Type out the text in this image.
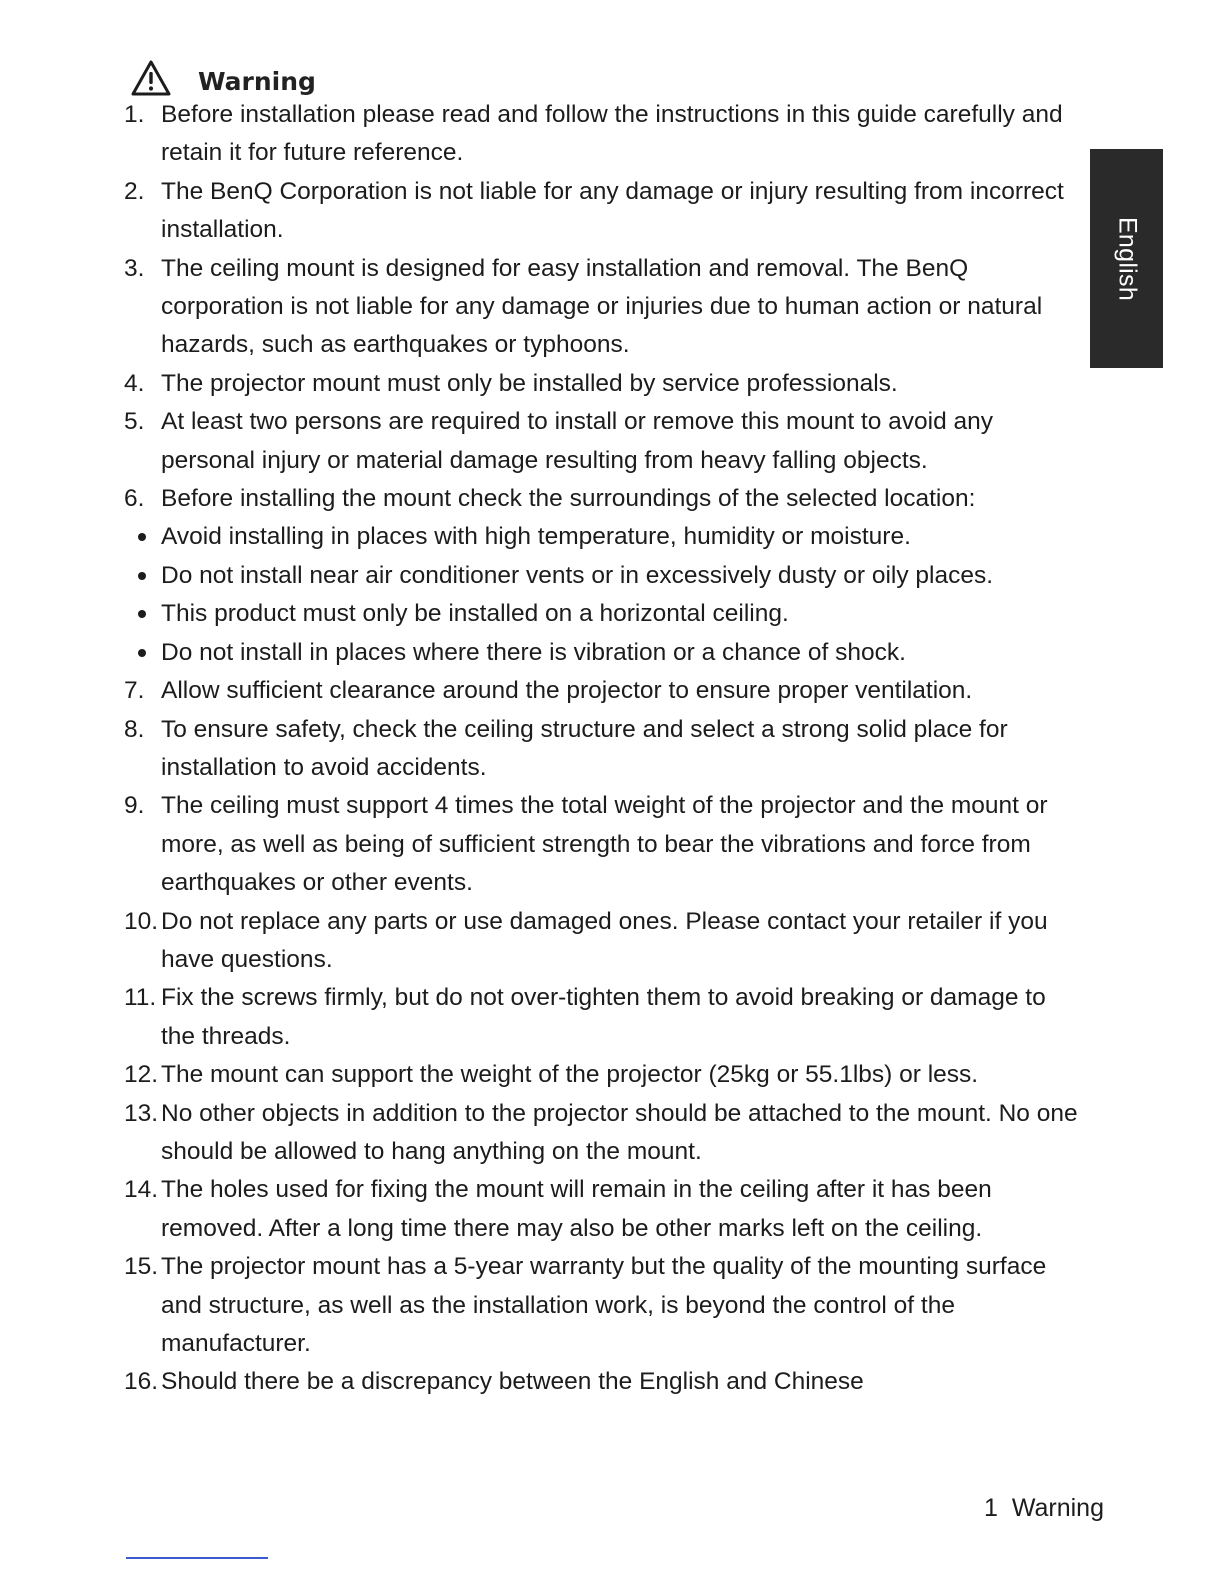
Warning
English
1. Before installation please read and follow the instructions in this guide carefully and retain it for future reference.
2. The BenQ Corporation is not liable for any damage or injury resulting from incorrect installation.
3. The ceiling mount is designed for easy installation and removal. The BenQ corporation is not liable for any damage or injuries due to human action or natural hazards, such as earthquakes or typhoons.
4. The projector mount must only be installed by service professionals.
5. At least two persons are required to install or remove this mount to avoid any personal injury or material damage resulting from heavy falling objects.
6. Before installing the mount check the surroundings of the selected location:
Avoid installing in places with high temperature, humidity or moisture.
Do not install near air conditioner vents or in excessively dusty or oily places.
This product must only be installed on a horizontal ceiling.
Do not install in places where there is vibration or a chance of shock.
7. Allow sufficient clearance around the projector to ensure proper ventilation.
8. To ensure safety, check the ceiling structure and select a strong solid place for installation to avoid accidents.
9. The ceiling must support 4 times the total weight of the projector and the mount or more, as well as being of sufficient strength to bear the vibrations and force from earthquakes or other events.
10. Do not replace any parts or use damaged ones. Please contact your retailer if you have questions.
11. Fix the screws firmly, but do not over-tighten them to avoid breaking or damage to the threads.
12. The mount can support the weight of the projector (25kg or 55.1lbs) or less.
13. No other objects in addition to the projector should be attached to the mount. No one should be allowed to hang anything on the mount.
14. The holes used for fixing the mount will remain in the ceiling after it has been removed. After a long time there may also be other marks left on the ceiling.
15. The projector mount has a 5-year warranty but the quality of the mounting surface and structure, as well as the installation work, is beyond the control of the manufacturer.
16. Should there be a discrepancy between the English and Chinese
1 Warning
